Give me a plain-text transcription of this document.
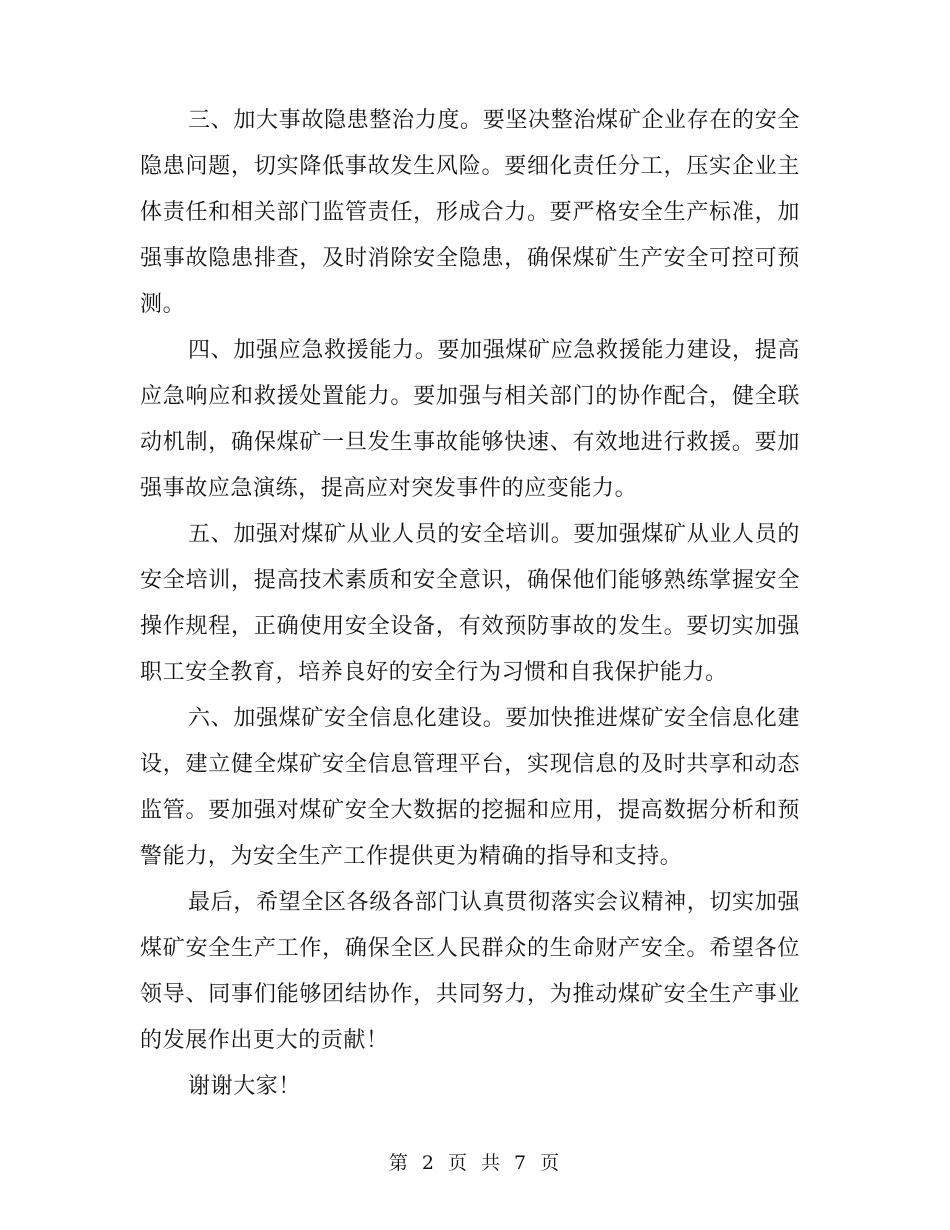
三、加大事故隐患整治力度。要坚决整治煤矿企业存在的安全隐患问题，切实降低事故发生风险。要细化责任分工，压实企业主体责任和相关部门监管责任，形成合力。要严格安全生产标准，加强事故隐患排查，及时消除安全隐患，确保煤矿生产安全可控可预测。

四、加强应急救援能力。要加强煤矿应急救援能力建设，提高应急响应和救援处置能力。要加强与相关部门的协作配合，健全联动机制，确保煤矿一旦发生事故能够快速、有效地进行救援。要加强事故应急演练，提高应对突发事件的应变能力。

五、加强对煤矿从业人员的安全培训。要加强煤矿从业人员的安全培训，提高技术素质和安全意识，确保他们能够熟练掌握安全操作规程，正确使用安全设备，有效预防事故的发生。要切实加强职工安全教育，培养良好的安全行为习惯和自我保护能力。

六、加强煤矿安全信息化建设。要加快推进煤矿安全信息化建设，建立健全煤矿安全信息管理平台，实现信息的及时共享和动态监管。要加强对煤矿安全大数据的挖掘和应用，提高数据分析和预警能力，为安全生产工作提供更为精确的指导和支持。

最后，希望全区各级各部门认真贯彻落实会议精神，切实加强煤矿安全生产工作，确保全区人民群众的生命财产安全。希望各位领导、同事们能够团结协作，共同努力，为推动煤矿安全生产事业的发展作出更大的贡献！

谢谢大家！

第 2 页 共 7 页
